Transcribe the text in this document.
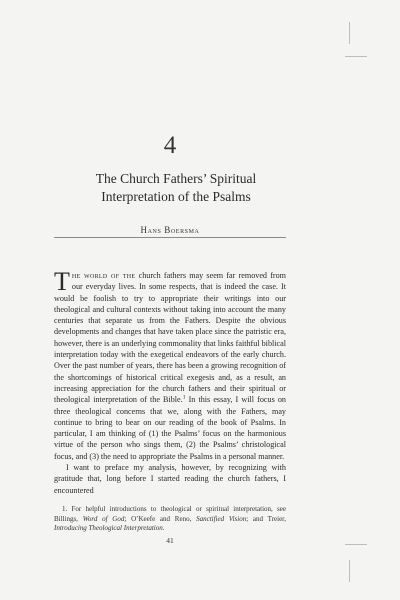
4
The Church Fathers’ Spiritual Interpretation of the Psalms
Hans Boersma

The world of the church fathers may seem far removed from our everyday lives. In some respects, that is indeed the case. It would be foolish to try to appropriate their writings into our theological and cultural contexts without taking into account the many centuries that separate us from the Fathers. Despite the obvious developments and changes that have taken place since the patristic era, however, there is an underlying commonality that links faithful biblical interpretation today with the exegetical endeavors of the early church. Over the past number of years, there has been a growing recognition of the shortcomings of historical critical exegesis and, as a result, an increasing appreciation for the church fathers and their spiritual or theological interpretation of the Bible.$^1$ In this essay, I will focus on three theological concerns that we, along with the Fathers, may continue to bring to bear on our reading of the book of Psalms. In particular, I am thinking of (1) the Psalms’ focus on the harmonious virtue of the person who sings them, (2) the Psalms’ christological focus, and (3) the need to appropriate the Psalms in a personal manner.

I want to preface my analysis, however, by recognizing with gratitude that, long before I started reading the church fathers, I encountered

1. For helpful introductions to theological or spiritual interpretation, see Billings, Word of God; O’Keefe and Reno, Sanctified Vision; and Treier, Introducing Theological Interpretation.
41
